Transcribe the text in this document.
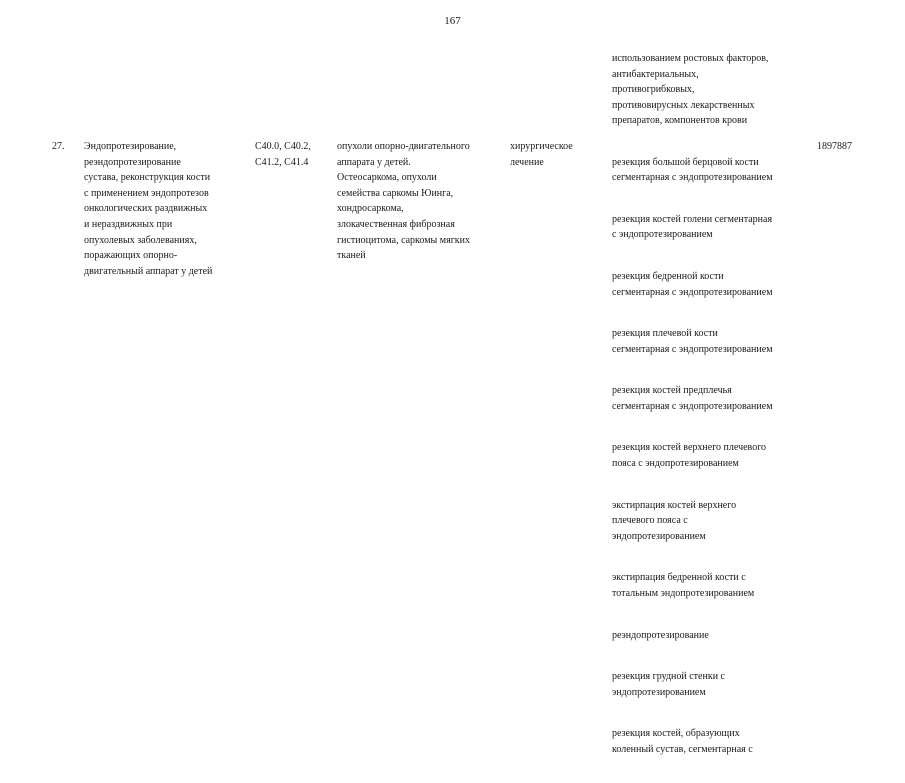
167
использованием ростовых факторов,
антибактериальных,
противогрибковых,
противовирусных лекарственных
препаратов, компонентов крови
27.	Эндопротезирование,
реэндопротезирование
сустава, реконструкция кости
с применением эндопротезов
онкологических раздвижных
и нераздвижных при
опухолевых заболеваниях,
поражающих опорно-
двигательный аппарат у детей
C40.0, C40.2,
C41.2, C41.4
опухоли опорно-двигательного
аппарата у детей.
Остеосаркома, опухоли
семейства саркомы Юинга,
хондросаркома,
злокачественная фиброзная
гистиоцитома, саркомы мягких
тканей
хирургическое
лечение	резекция большой берцовой кости
сегментарная с эндопротезированием

резекция костей голени сегментарная
с эндопротезированием

резекция бедренной кости
сегментарная с эндопротезированием

резекция плечевой кости
сегментарная с эндопротезированием

резекция костей предплечья
сегментарная с эндопротезированием

резекция костей верхнего плечевого
пояса с эндопротезированием

экстирпация костей верхнего
плечевого пояса с
эндопротезированием

экстирпация бедренной кости с
тотальным эндопротезированием

реэндопротезирование

резекция грудной стенки с
эндопротезированием

резекция костей, образующих
коленный сустав, сегментарная с

1897887
